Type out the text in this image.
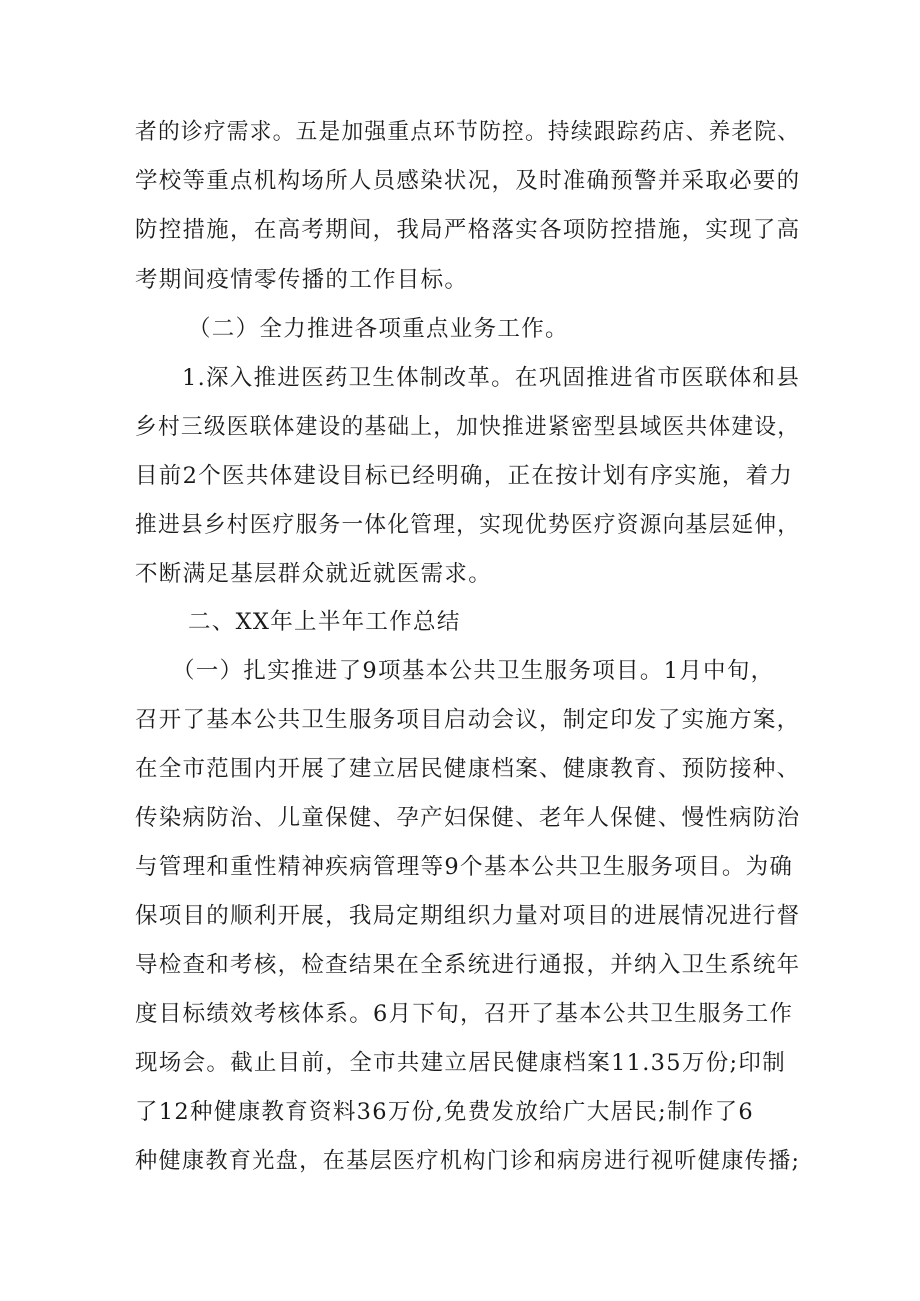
者的诊疗需求。五是加强重点环节防控。持续跟踪药店、养老院、
学校等重点机构场所人员感染状况，及时准确预警并采取必要的
防控措施，在高考期间，我局严格落实各项防控措施，实现了高
考期间疫情零传播的工作目标。
（二）全力推进各项重点业务工作。
1.深入推进医药卫生体制改革。在巩固推进省市医联体和县
乡村三级医联体建设的基础上，加快推进紧密型县域医共体建设，
目前2个医共体建设目标已经明确，正在按计划有序实施，着力
推进县乡村医疗服务一体化管理，实现优势医疗资源向基层延伸，
不断满足基层群众就近就医需求。
二、XX年上半年工作总结
（一）扎实推进了9项基本公共卫生服务项目。1月中旬，
召开了基本公共卫生服务项目启动会议，制定印发了实施方案，
在全市范围内开展了建立居民健康档案、健康教育、预防接种、
传染病防治、儿童保健、孕产妇保健、老年人保健、慢性病防治
与管理和重性精神疾病管理等9个基本公共卫生服务项目。为确
保项目的顺利开展，我局定期组织力量对项目的进展情况进行督
导检查和考核，检查结果在全系统进行通报，并纳入卫生系统年
度目标绩效考核体系。6月下旬，召开了基本公共卫生服务工作
现场会。截止目前，全市共建立居民健康档案11.35万份;印制
了12种健康教育资料36万份,免费发放给广大居民;制作了6
种健康教育光盘，在基层医疗机构门诊和病房进行视听健康传播;
